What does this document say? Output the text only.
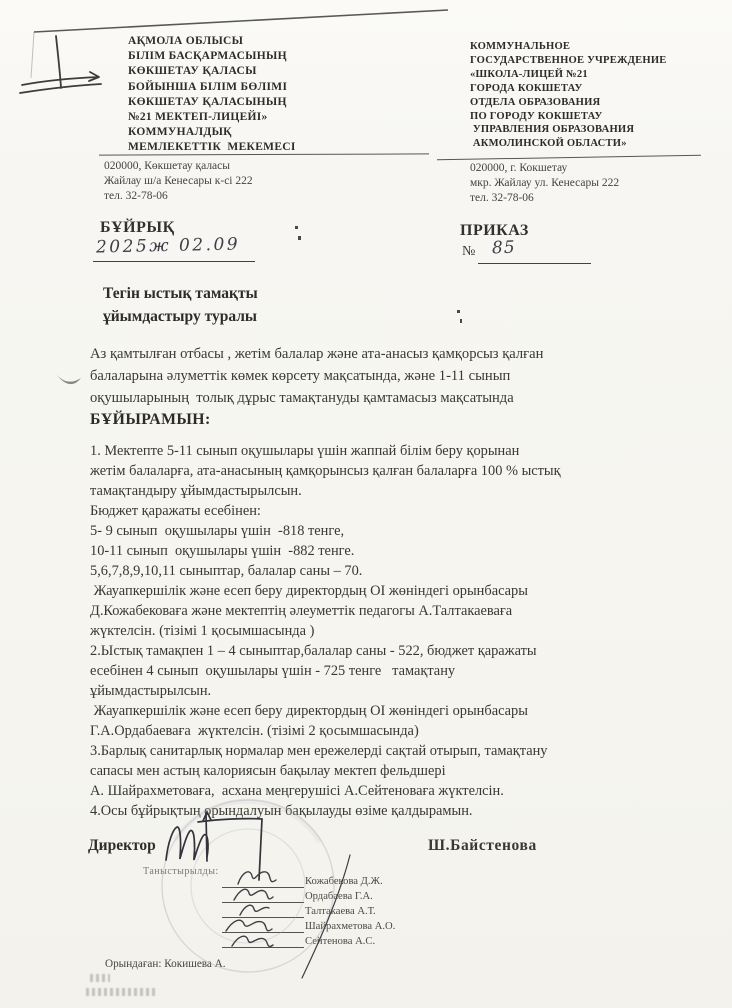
АҚМОЛА ОБЛЫСЫ
БІЛІМ БАСҚАРМАСЫНЫҢ
КӨКШЕТАУ ҚАЛАСЫ
БОЙЫНША БІЛІМ БӨЛІМІ
КӨКШЕТАУ ҚАЛАСЫНЫҢ
№21 МЕКТЕП-ЛИЦЕЙІ»
КОММУНАЛДЫҚ
МЕМЛЕКЕТТІК  МЕКЕМЕСІ
КОММУНАЛЬНОЕ
ГОСУДАРСТВЕННОЕ УЧРЕЖДЕНИЕ
«ШКОЛА-ЛИЦЕЙ №21
ГОРОДА КОКШЕТАУ
ОТДЕЛА ОБРАЗОВАНИЯ
ПО ГОРОДУ КОКШЕТАУ
УПРАВЛЕНИЯ ОБРАЗОВАНИЯ
АКМОЛИНСКОЙ ОБЛАСТИ»
020000, Көкшетау қаласы
Жайлау ш/а Кенесары к-сі 222
тел. 32-78-06
020000, г. Кокшетау
мкр. Жайлау ул. Кенесары 222
тел. 32-78-06
БҰЙРЫҚ
2025ж 02.09
ПРИКАЗ
№ 85
Тегін ыстық тамақты
ұйымдастыру туралы
Аз қамтылған отбасы , жетім балалар және ата-анасыз қамқорсыз қалған
балаларына әлуметтік көмек көрсету мақсатында, және 1-11 сынып
оқушыларының  толық дұрыс тамақтануды қамтамасыз мақсатында
БҰЙЫРАМЫН:
1. Мектепте 5-11 сынып оқушылары үшін жаппай білім беру қорынан
жетім балаларға, ата-анасының қамқорынсыз қалған балаларға 100 % ыстық
тамақтандыру ұйымдастырылсын.
Бюджет қаражаты есебінен:
5- 9 сынып  оқушылары үшін  -818 тенге,
10-11 сынып  оқушылары үшін  -882 тенге.
5,6,7,8,9,10,11 сыныптар, балалар саны – 70.
Жауапкершілік және есеп беру директордың ОІ жөніндегі орынбасары
Д.Кожабековаға және мектептің әлеуметтік педагогы А.Талтакаеваға
жүктелсін. (тізімі 1 қосымшасында )
2.Ыстық тамақпен 1 – 4 сыныптар,балалар саны - 522, бюджет қаражаты
есебінен 4 сынып  оқушылары үшін - 725 тенге   тамақтану
ұйымдастырылсын.
Жауапкершілік және есеп беру директордың ОІ жөніндегі орынбасары
Г.А.Ордабаеваға  жүктелсін. (тізімі 2 қосымшасында)
3.Барлық санитарлық нормалар мен ережелерді сақтай отырып, тамақтану
сапасы мен астың калориясын бақылау мектеп фельдшері
А. Шайрахметоваға,  асхана меңгерушісі А.Сейтеноваға жүктелсін.
4.Осы бұйрықтың орындалуын бақылауды өзіме қалдырамын.
Директор	Ш.Байстенова
Таныстырылды:
Кожабекова Д.Ж.
Ордабаева Г.А.
Талтакаева А.Т.
Шайрахметова А.О.
Сейтенова А.С.
Орындаған: Кокишева А.
